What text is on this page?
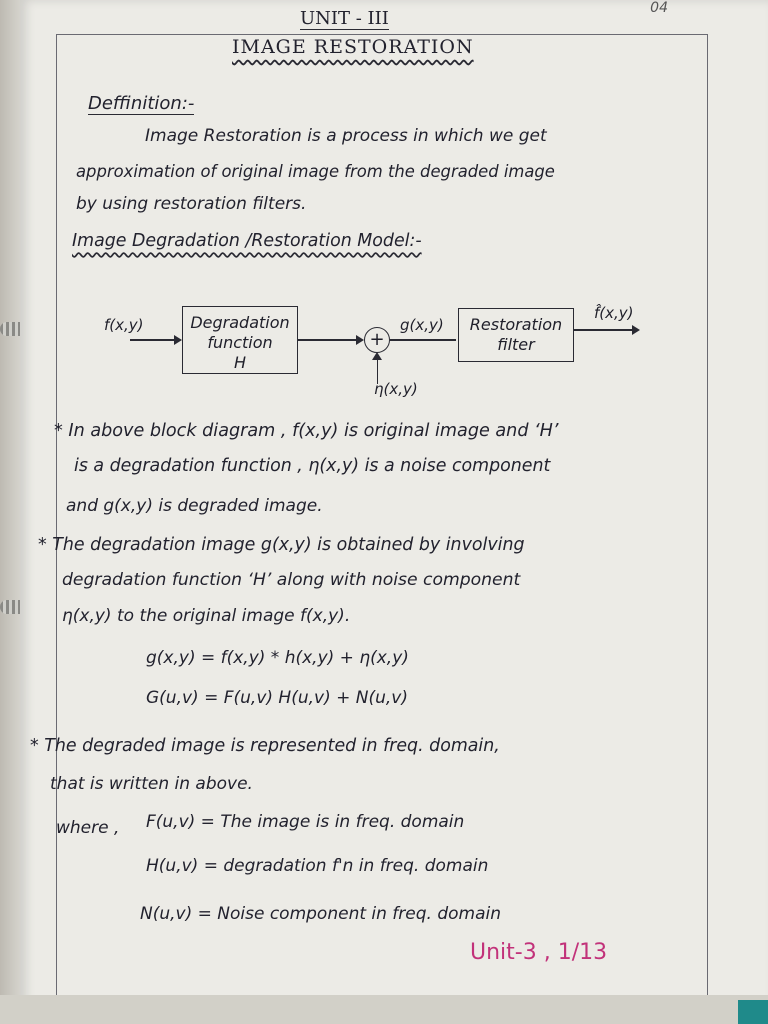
04
UNIT - III
IMAGE RESTORATION
Deffinition:-
Image Restoration is a process in which we get
approximation of original image from the degraded image
by using restoration filters.
Image Degradation /Restoration Model:-
f(x,y)	Degradation
function
H
+
η(x,y)
g(x,y)	Restoration
filter
f̂(x,y)
* In above block diagram , f(x,y) is original image and ‘H’
is a degradation function , η(x,y) is a noise component
and g(x,y) is degraded image.
* The degradation image g(x,y) is obtained by involving
degradation function ‘H’ along with noise component
η(x,y) to the original image f(x,y).
g(x,y) = f(x,y) * h(x,y) + η(x,y)
G(u,v) = F(u,v) H(u,v) + N(u,v)
* The degraded image is represented in freq. domain,
that is written in above.
where , F(u,v) = The image is in freq. domain
H(u,v) = degradation f'n in freq. domain
N(u,v) = Noise component in freq. domain
Unit-3 , 1/13
